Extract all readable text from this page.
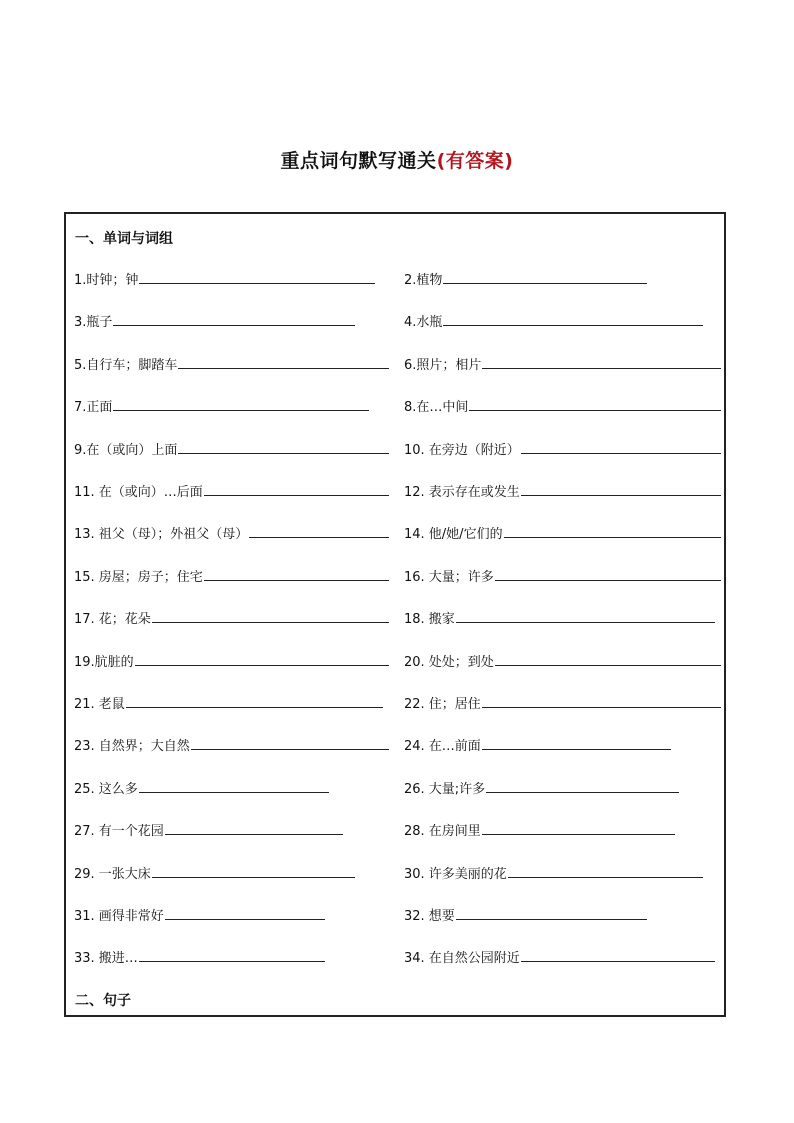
重点词句默写通关(有答案)
一、单词与词组
1.时钟；钟	2.植物
3.瓶子	4.水瓶
5.自行车；脚踏车	6.照片；相片
7.正面	8.在…中间
9.在（或向）上面	10. 在旁边（附近）
11. 在（或向）…后面	12. 表示存在或发生
13. 祖父（母）；外祖父（母）	14. 他/她/它们的
15. 房屋；房子；住宅	16. 大量；许多
17. 花；花朵	18. 搬家
19.肮脏的	20. 处处；到处
21. 老鼠	22. 住；居住
23. 自然界；大自然	24. 在…前面
25. 这么多	26. 大量;许多
27. 有一个花园	28. 在房间里
29. 一张大床	30. 许多美丽的花
31. 画得非常好	32. 想要
33. 搬进…	34. 在自然公园附近
二、句子
